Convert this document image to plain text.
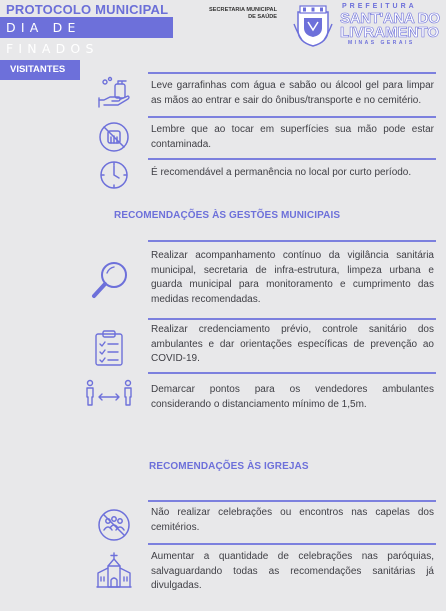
PROTOCOLO MUNICIPAL
DIA DE FINADOS
SECRETARIA MUNICIPAL
DE SAÚDE
PREFEITURA
SANT'ANA DO
LIVRAMENTO
MINAS GERAIS
VISITANTES
Leve garrafinhas com água e sabão ou álcool gel para limpar as mãos ao entrar e sair do ônibus/transporte e no cemitério.
Lembre que ao tocar em superfícies sua mão pode estar contaminada.
É recomendável a permanência no local por curto período.
RECOMENDAÇÕES ÀS GESTÕES MUNICIPAIS
Realizar acompanhamento contínuo da vigilância sanitária municipal, secretaria de infra-estrutura, limpeza urbana e guarda municipal para monitoramento e cumprimento das medidas recomendadas.
Realizar credenciamento prévio, controle sanitário dos ambulantes e dar orientações específicas de prevenção ao COVID-19.
Demarcar pontos para os vendedores ambulantes considerando o distanciamento mínimo de 1,5m.
RECOMENDAÇÕES ÀS IGREJAS
Não realizar celebrações ou encontros nas capelas dos cemitérios.
Aumentar a quantidade de celebrações nas paróquias, salvaguardando todas as recomendações sanitárias já divulgadas.
